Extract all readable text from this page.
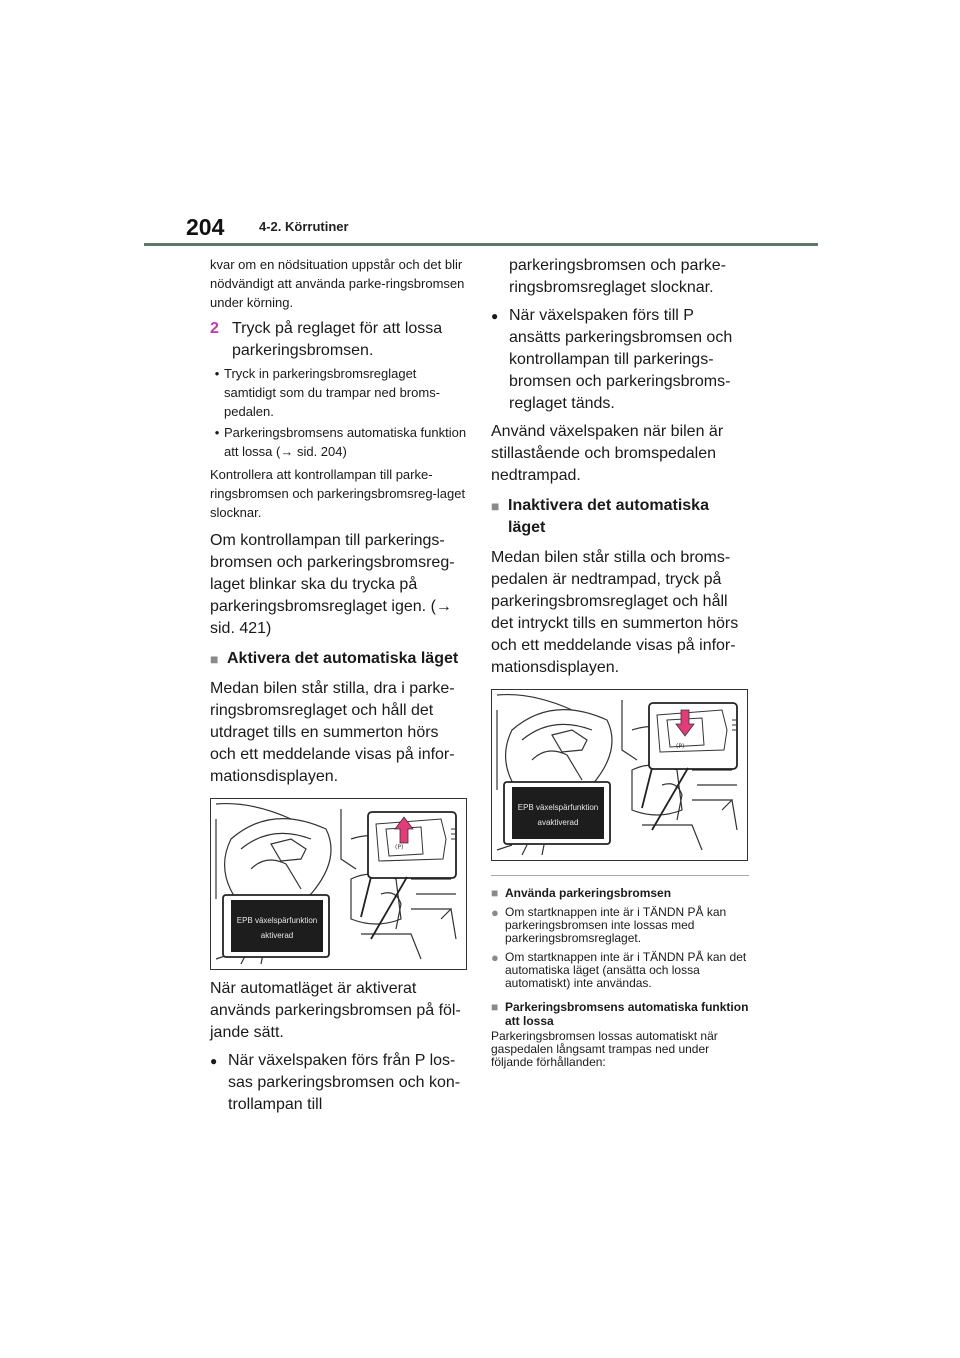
204	4-2. Körrutiner

kvar om en nödsituation uppstår och det blir nödvändigt att använda parke-ringsbromsen under körning.

2 Tryck på reglaget för att lossa parkeringsbromsen.
• Tryck in parkeringsbromsreglaget samtidigt som du trampar ned broms-pedalen.
• Parkeringsbromsens automatiska funktion att lossa (→ sid. 204)

Kontrollera att kontrollampan till parke-ringsbromsen och parkeringsbromsreg-laget slocknar.

Om kontrollampan till parkerings-bromsen och parkeringsbromsreg-laget blinkar ska du trycka på parkeringsbromsreglaget igen. (→ sid. 421)

■ Aktivera det automatiska läget

Medan bilen står stilla, dra i parke-ringsbromsreglaget och håll det utdraget tills en summerton hörs och ett meddelande visas på infor-mationsdisplayen.

(P)
EPB växelspärfunktion
aktiverad

När automatläget är aktiverat används parkeringsbromsen på föl-jande sätt.

● När växelspaken förs från P los-sas parkeringsbromsen och kon-trollampan till

parkeringsbromsen och parke-ringsbromsreglaget slocknar.

● När växelspaken förs till P ansätts parkeringsbromsen och kontrollampan till parkerings-bromsen och parkeringsbroms-reglaget tänds.

Använd växelspaken när bilen är stillastående och bromspedalen nedtrampad.

■ Inaktivera det automatiska läget

Medan bilen står stilla och broms-pedalen är nedtrampad, tryck på parkeringsbromsreglaget och håll det intryckt tills en summerton hörs och ett meddelande visas på infor-mationsdisplayen.

(P)
EPB växelspärfunktion
avaktiverad
■ Använda parkeringsbromsen
● Om startknappen inte är i TÄNDN PÅ kan parkeringsbromsen inte lossas med parkeringsbromsreglaget.
● Om startknappen inte är i TÄNDN PÅ kan det automatiska läget (ansätta och lossa automatiskt) inte användas.
■ Parkeringsbromsens automatiska funktion att lossa

Parkeringsbromsen lossas automatiskt när gaspedalen långsamt trampas ned under följande förhållanden:
